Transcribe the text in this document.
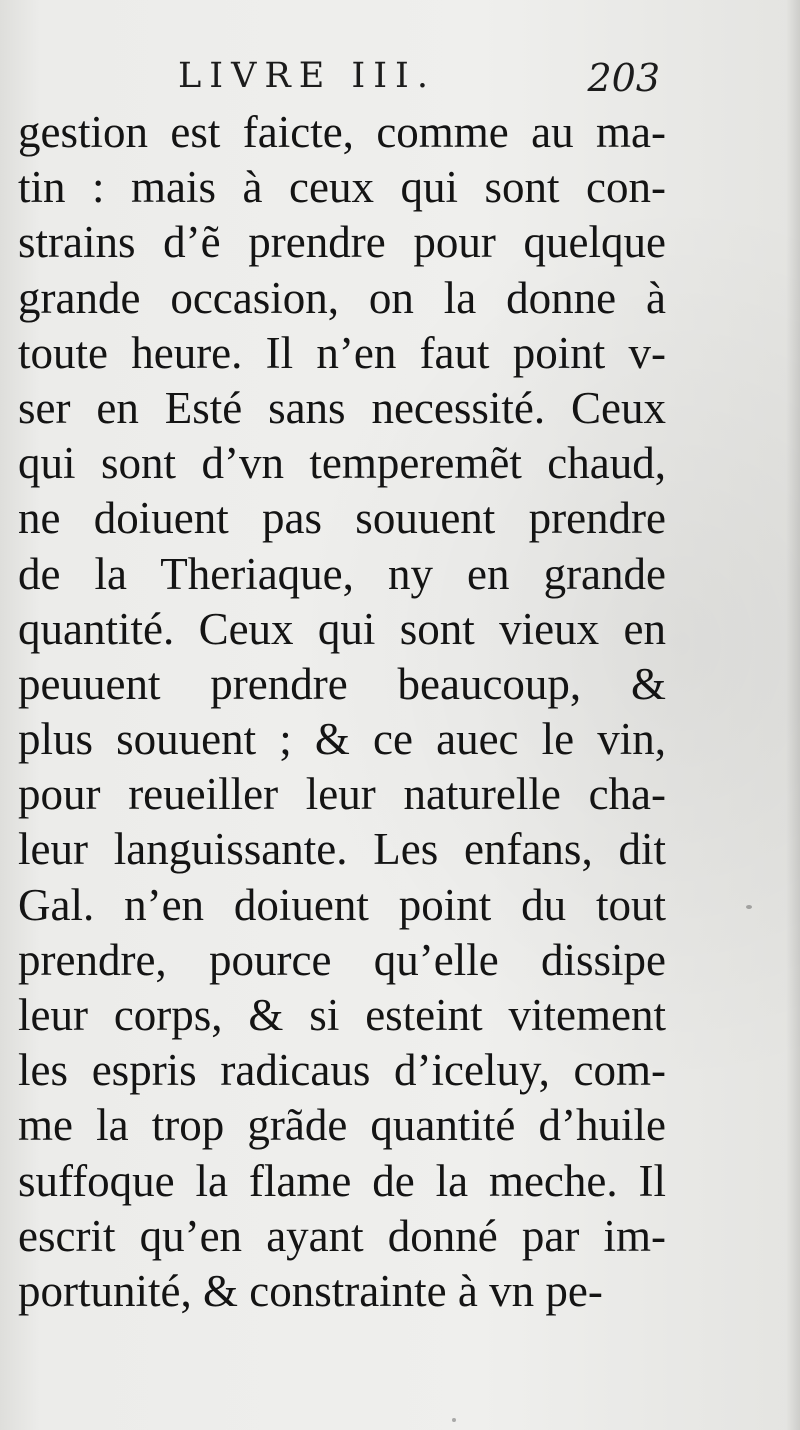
LIVRE III.	203
gestion est faicte, comme au ma-
tin : mais à ceux qui sont con-
strains d’ẽ prendre pour quelque
grande occasion, on la donne à
toute heure. Il n’en faut point v-
ser en Esté sans necessité. Ceux
qui sont d’vn temperemẽt chaud,
ne doiuent pas souuent prendre
de la Theriaque, ny en grande
quantité. Ceux qui sont vieux en
peuuent prendre beaucoup, &
plus souuent ; & ce auec le vin,
pour reueiller leur naturelle cha-
leur languissante. Les enfans, dit
Gal. n’en doiuent point du tout
prendre, pource qu’elle dissipe
leur corps, & si esteint vitement
les espris radicaus d’iceluy, com-
me la trop grãde quantité d’huile
suffoque la flame de la meche. Il
escrit qu’en ayant donné par im-
portunité, & constrainte à vn pe-
